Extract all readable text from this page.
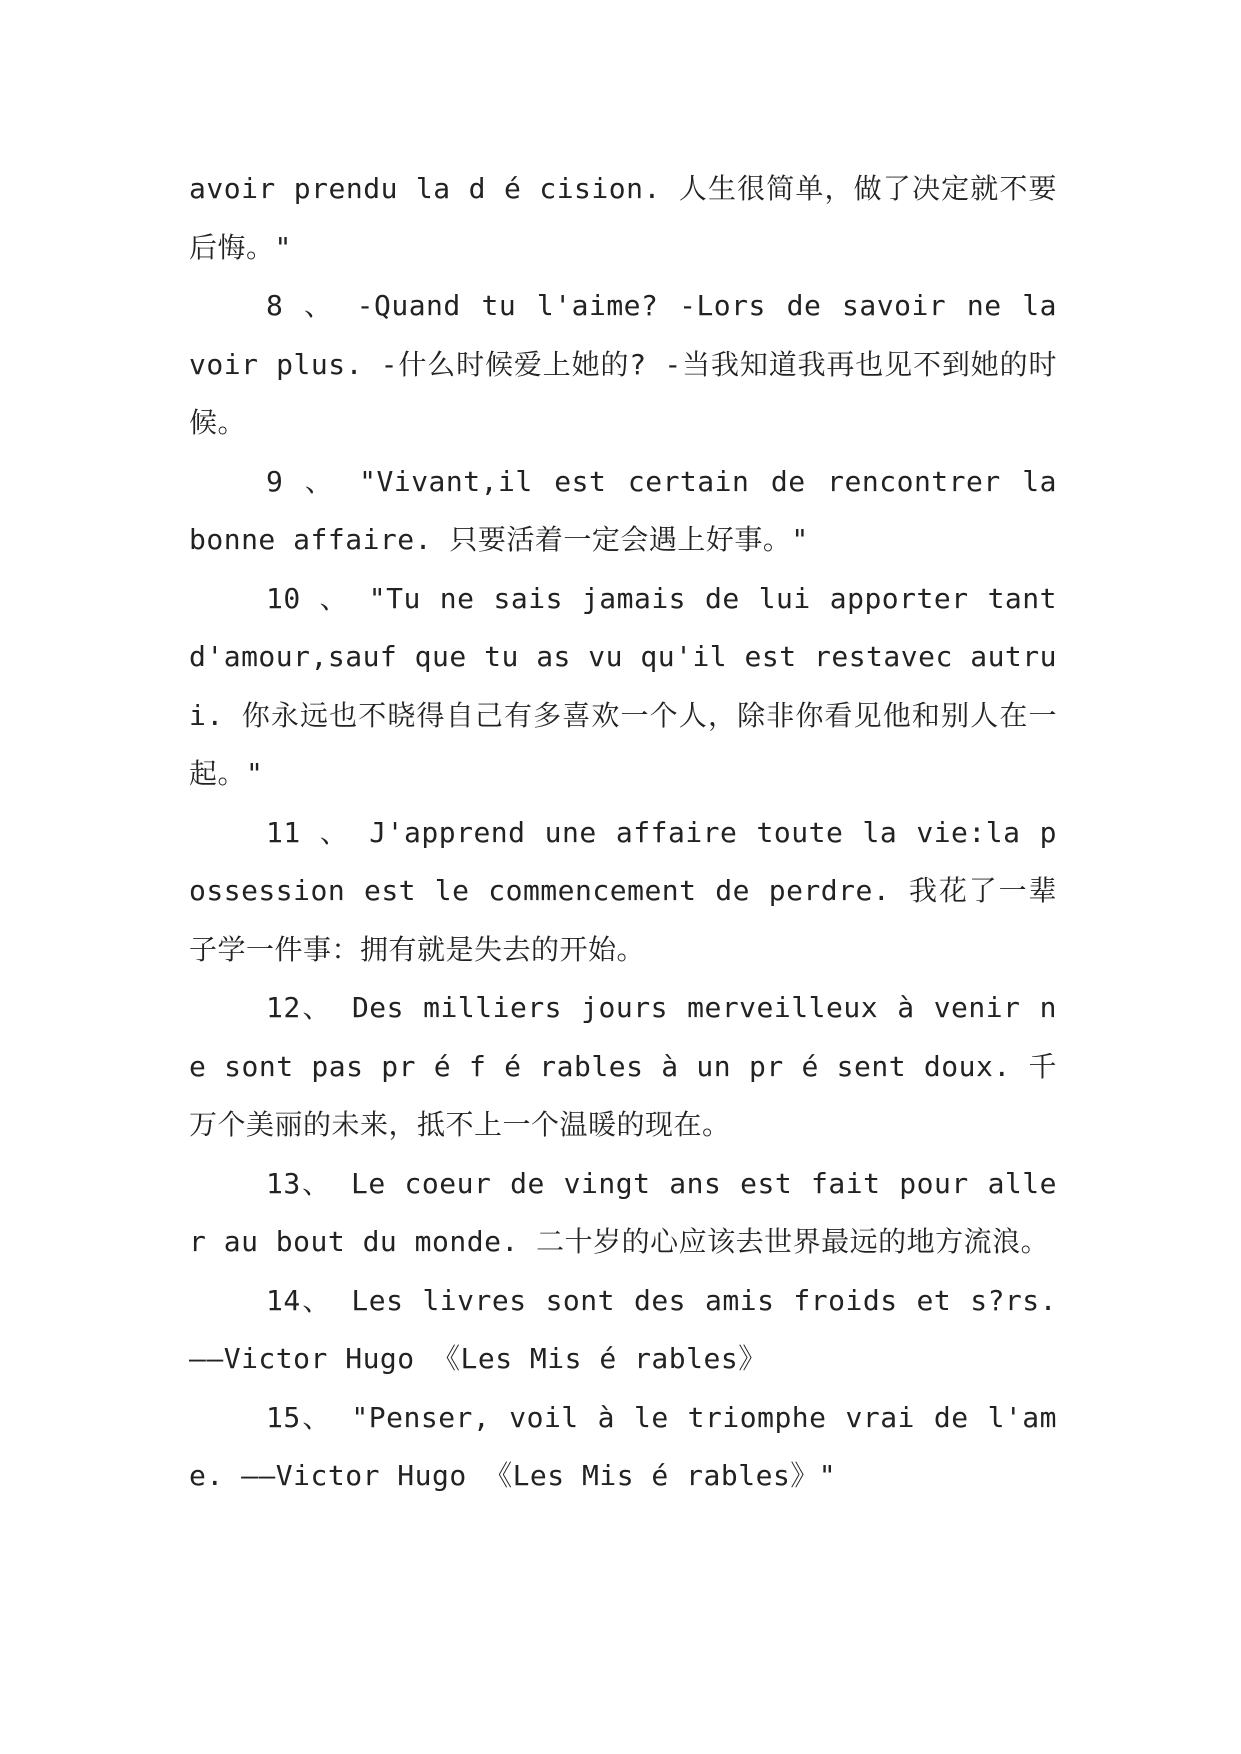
avoir prendu la d é cision. 人生很简单，做了决定就不要后悔。"

8 、 -Quand tu l'aime? -Lors de savoir ne la voir plus. -什么时候爱上她的? -当我知道我再也见不到她的时候。

9 、 "Vivant,il est certain de rencontrer la bonne affaire. 只要活着一定会遇上好事。"

10 、 "Tu ne sais jamais de lui apporter tant d'amour,sauf que tu as vu qu'il est restavec autrui. 你永远也不晓得自己有多喜欢一个人，除非你看见他和别人在一起。"

11 、 J'apprend une affaire toute la vie:la possession est le commencement de perdre. 我花了一辈子学一件事：拥有就是失去的开始。

12、 Des milliers jours merveilleux à venir ne sont pas pr é f é rables à un pr é sent doux. 千万个美丽的未来，抵不上一个温暖的现在。

13、 Le coeur de vingt ans est fait pour aller au bout du monde. 二十岁的心应该去世界最远的地方流浪。

14、 Les livres sont des amis froids et s?rs. ——Victor Hugo 《Les Mis é rables》

15、 "Penser, voil à le triomphe vrai de l'ame. ——Victor Hugo 《Les Mis é rables》"
